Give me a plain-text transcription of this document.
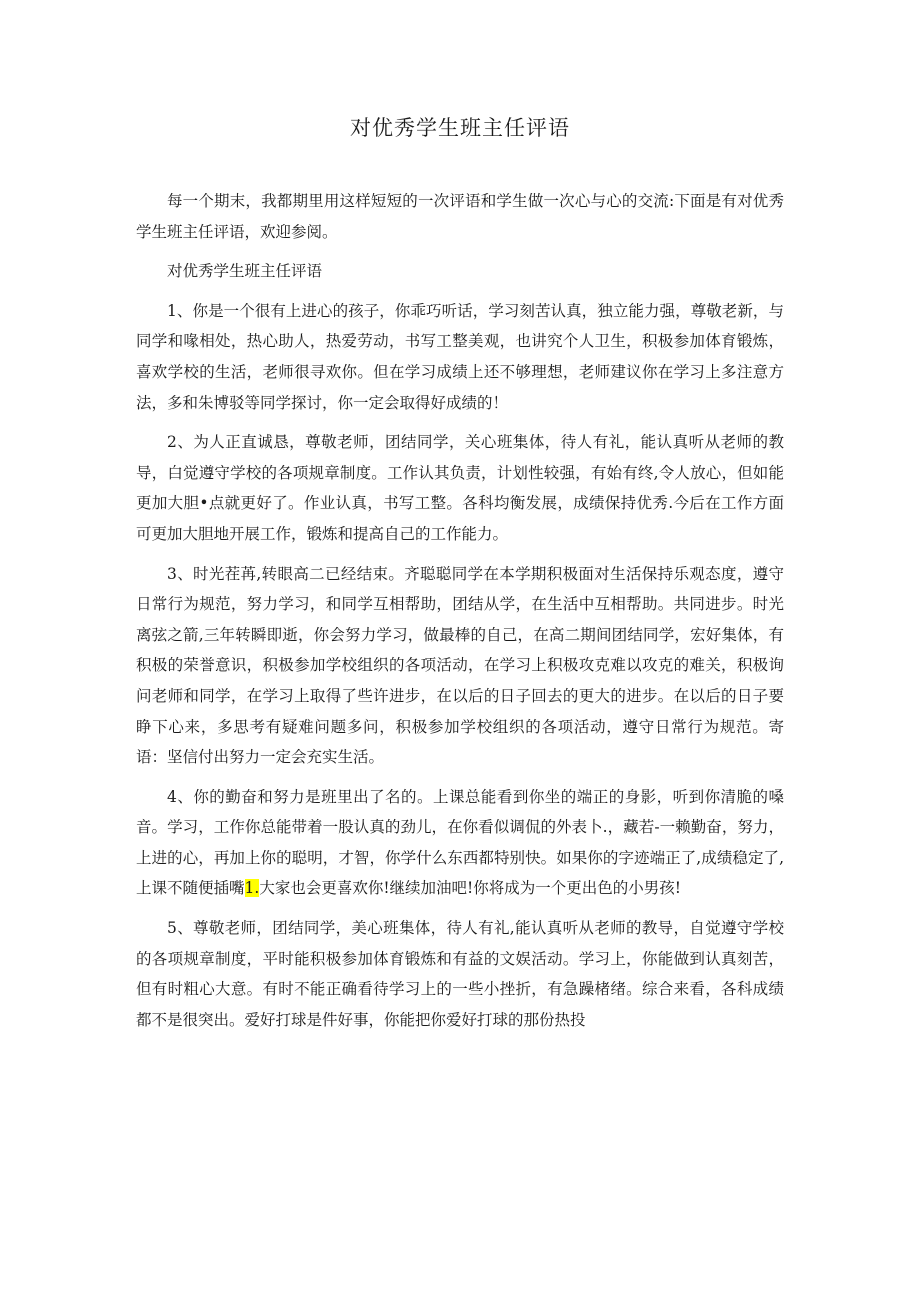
对优秀学生班主任评语

每一个期末，我都期里用这样短短的一次评语和学生做一次心与心的交流:下面是有对优秀学生班主任评语，欢迎参阅。

对优秀学生班主任评语

1、你是一个很有上进心的孩子，你乖巧听话，学习刻苦认真，独立能力强，尊敬老新，与同学和喙相处，热心助人，热爱劳动，书写工整美观，也讲究个人卫生，积极参加体育锻炼，喜欢学校的生活，老师很寻欢你。但在学习成绩上还不够理想，老师建议你在学习上多注意方法，多和朱博驳等同学探讨，你一定会取得好成绩的！

2、为人正直诚恳，尊敬老师，团结同学，关心班集体，待人有礼，能认真听从老师的教导，白觉遵守学校的各项规章制度。工作认其负责，计划性较强，有始有终,令人放心，但如能更加大胆•点就更好了。作业认真，书写工整。各科均衡发展，成绩保持优秀.今后在工作方面可更加大胆地开展工作，锻炼和提高自己的工作能力。

3、时光茬苒,转眼高二已经结束。齐聪聪同学在本学期积极面对生活保持乐观态度，遵守日常行为规范，努力学习，和同学互相帮助，团结从学，在生活中互相帮助。共同进步。时光离弦之箭,三年转瞬即逝，你会努力学习，做最棒的自己，在高二期间团结同学，宏好集体，有积极的荣誉意识，积极参加学校组织的各项活动，在学习上积极攻克难以攻克的难关，积极询问老师和同学，在学习上取得了些许进步，在以后的日子回去的更大的进步。在以后的日子要睁下心来，多思考有疑难问题多问，积极参加学校组织的各项活动，遵守日常行为规范。寄语：坚信付出努力一定会充实生活。

4、你的勤奋和努力是班里出了名的。上课总能看到你坐的端正的身影，听到你清脆的嗓音。学习，工作你总能带着一股认真的劲儿，在你看似调侃的外表卜.，藏若-一赖勤奋，努力，上进的心，再加上你的聪明，才智，你学什么东西都特别快。如果你的字迹端正了,成绩稳定了,上课不随便插嘴1.大家也会更喜欢你!继续加油吧!你将成为一个更出色的小男孩!

5、尊敬老师，团结同学，美心班集体，待人有礼,能认真听从老师的教导，自觉遵守学校的各项规章制度，平时能积极参加体育锻炼和有益的文娱活动。学习上，你能做到认真刻苦，但有时粗心大意。有时不能正确看待学习上的一些小挫折，有急躁楮绪。综合来看，各科成绩都不是很突出。爱好打球是件好事，你能把你爱好打球的那份热投
